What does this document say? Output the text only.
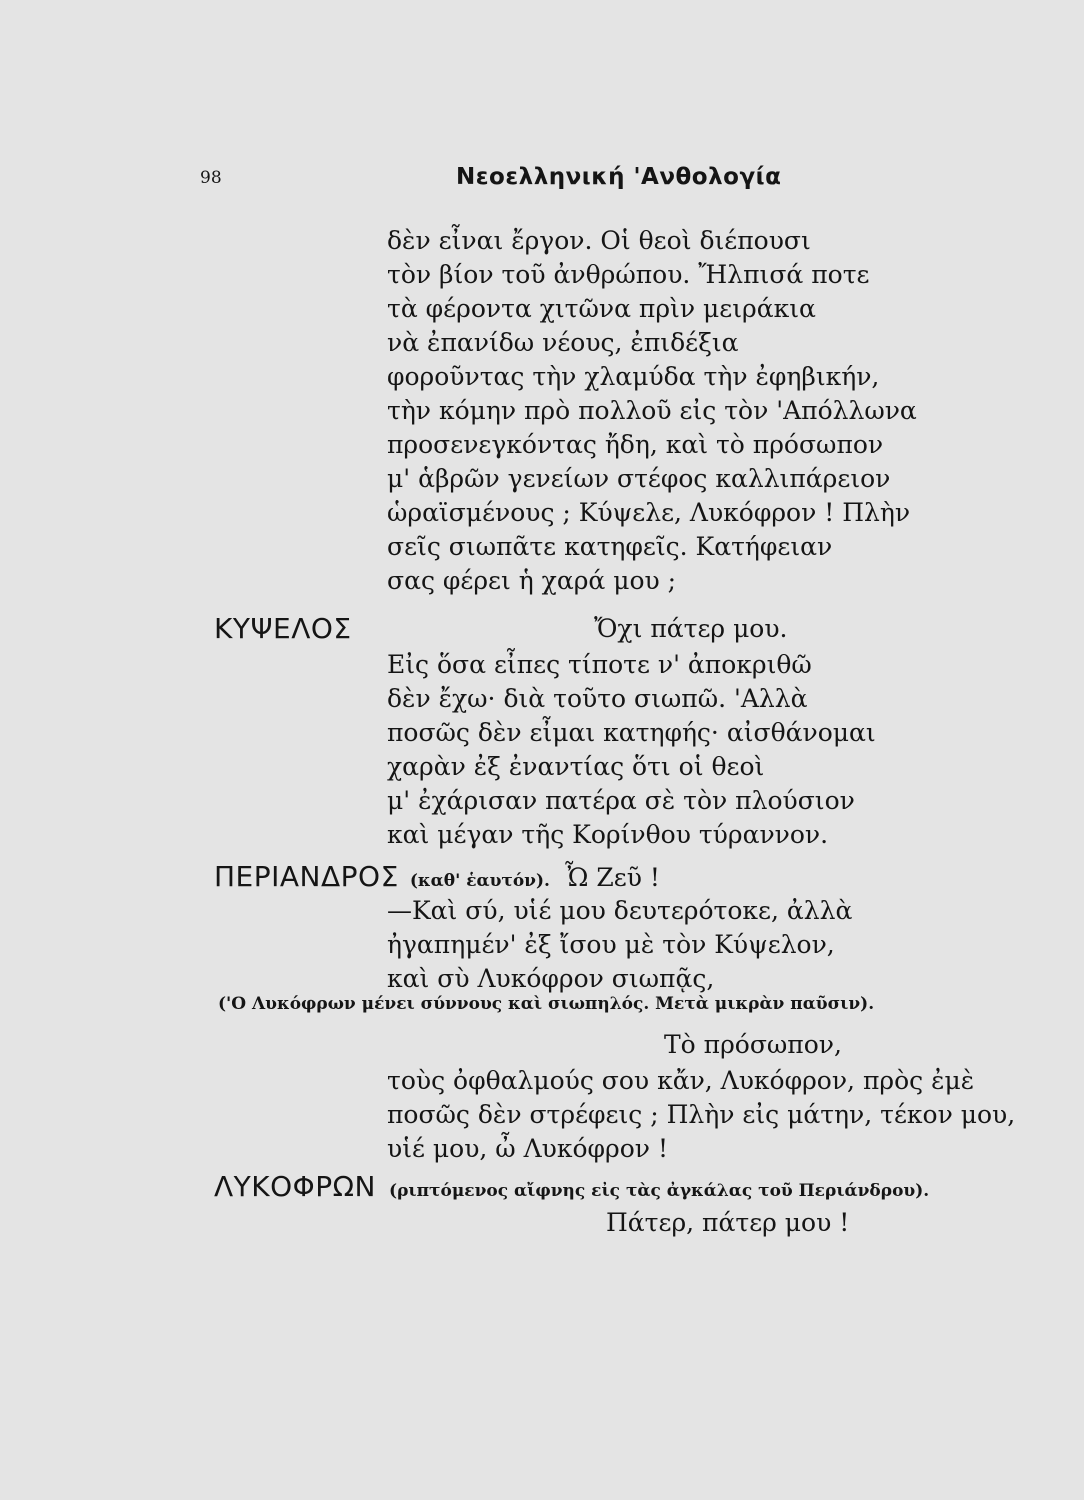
98	Νεοελληνική 'Ανθολογία
δὲν εἶναι ἔργον. Οἱ θεοὶ διέπουσι
τὸν βίον τοῦ ἀνθρώπου. Ἤλπισά ποτε
τὰ φέροντα χιτῶνα πρὶν μειράκια
νὰ ἐπανίδω νέους, ἐπιδέξια
φοροῦντας τὴν χλαμύδα τὴν ἐφηβικήν,
τὴν κόμην πρὸ πολλοῦ εἰς τὸν 'Απόλλωνα
προσενεγκόντας ἤδη, καὶ τὸ πρόσωπον
μ' ἁβρῶν γενείων στέφος καλλιπάρειον
ὡραϊσμένους ; Κύψελε, Λυκόφρον ! Πλὴν
σεῖς σιωπᾶτε κατηφεῖς. Κατήφειαν
σας φέρει ἡ χαρά μου ;
ΚΥΨΕΛΟΣ	Ὄχι πάτερ μου.
Εἰς ὅσα εἶπες τίποτε ν' ἀποκριθῶ
δὲν ἔχω· διὰ τοῦτο σιωπῶ. 'Αλλὰ
ποσῶς δὲν εἶμαι κατηφής· αἰσθάνομαι
χαρὰν ἐξ ἐναντίας ὅτι οἱ θεοὶ
μ' ἐχάρισαν πατέρα σὲ τὸν πλούσιον
καὶ μέγαν τῆς Κορίνθου τύραννον.
ΠΕΡΙΑΝΔΡΟΣ (καθ' ἑαυτόν). Ὦ Ζεῦ !
—Καὶ σύ, υἱέ μου δευτερότοκε, ἀλλὰ
ἠγαπημέν' ἐξ ἴσου μὲ τὸν Κύψελον,
καὶ σὺ Λυκόφρον σιωπᾷς,
('Ο Λυκόφρων μένει σύννους καὶ σιωπηλός. Μετὰ μικρὰν παῦσιν).
Τὸ πρόσωπον,
τοὺς ὀφθαλμούς σου κἄν, Λυκόφρον, πρὸς ἐμὲ
ποσῶς δὲν στρέφεις ; Πλὴν εἰς μάτην, τέκον μου,
υἱέ μου, ὦ Λυκόφρον !
ΛΥΚΟΦΡΩΝ (ριπτόμενος αἴφνης εἰς τὰς ἀγκάλας τοῦ Περιάνδρου).
Πάτερ, πάτερ μου !
